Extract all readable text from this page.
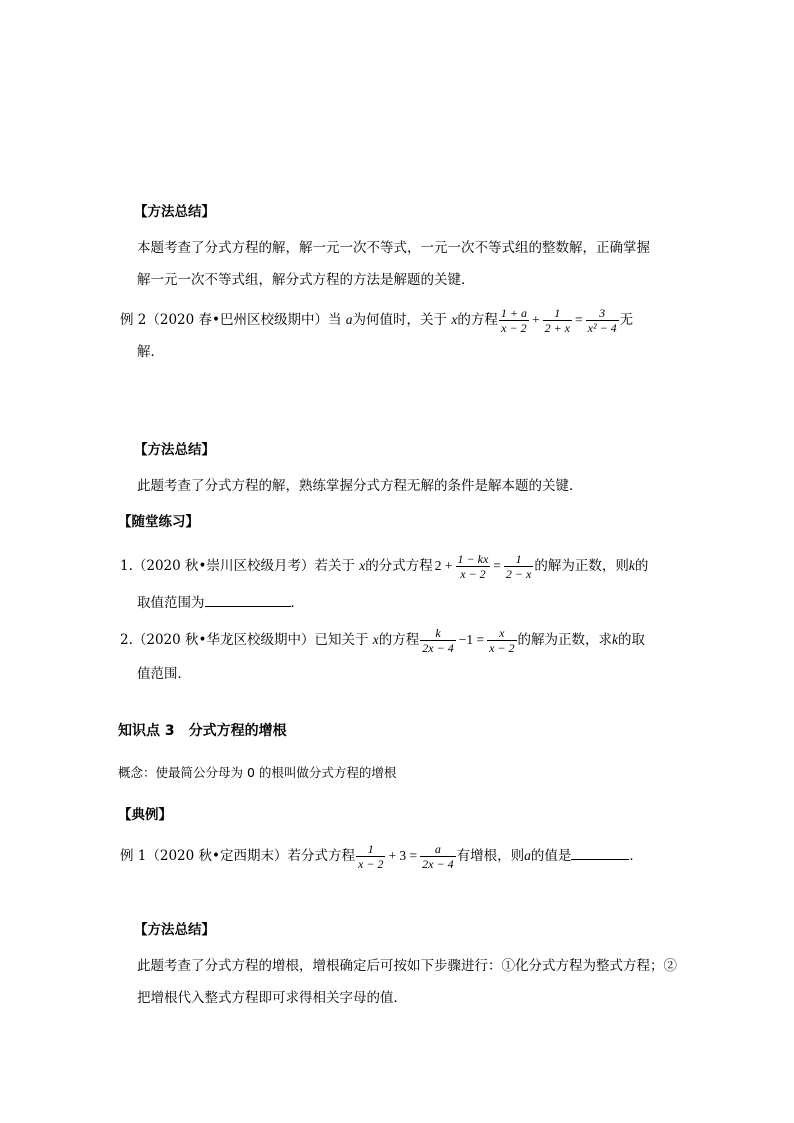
【方法总结】
本题考查了分式方程的解，解一元一次不等式，一元一次不等式组的整数解，正确掌握
解一元一次不等式组，解分式方程的方法是解题的关键．
例 2（2020 春•巴州区校级期中）当 a为何值时，关于 x的方程 $\frac{1 + a}{x - 2} + \frac{1}{2 + x} = \frac{3}{\text{x² − 4}}$ 无
解．
【方法总结】
此题考查了分式方程的解，熟练掌握分式方程无解的条件是解本题的关键．
【随堂练习】
1.（2020 秋•崇川区校级月考）若关于 x的分式方程 $2 + \frac{1 - kx}{x - 2} = \frac{1}{2 - x}$ 的解为正数，则k的
取值范围为	．
2.（2020 秋•华龙区校级期中）已知关于 x的方程 $\frac{k}{2x - 4} -1 = \frac{x}{x - 2}$ 的解为正数，求k的取
值范围．
知识点 3　分式方程的增根
概念：使最简公分母为 0 的根叫做分式方程的增根
【典例】
例 1（2020 秋•定西期末）若分式方程 $\frac{1}{x - 2} + 3 = \frac{a}{2x - 4}$ 有增根，则a的值是	．
【方法总结】
此题考查了分式方程的增根，增根确定后可按如下步骤进行：①化分式方程为整式方程；②
把增根代入整式方程即可求得相关字母的值．
